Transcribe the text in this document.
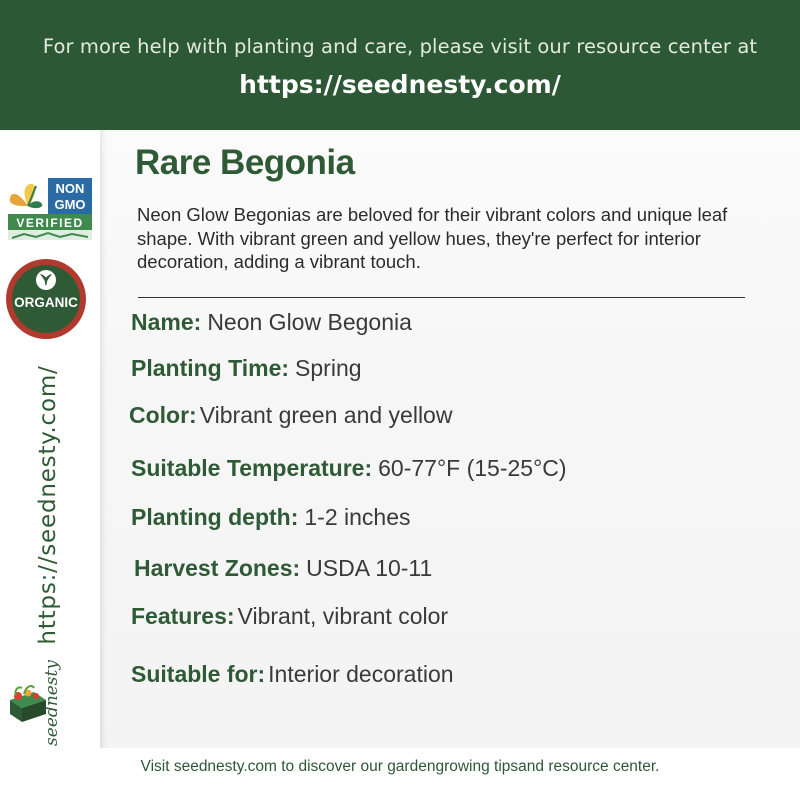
For more help with planting and care, please visit our resource center at
https://seednesty.com/
NON
GMO
VERIFIED
ORGANIC
https://seednesty.com/
seednesty
Rare Begonia
Neon Glow Begonias are beloved for their vibrant colors and unique leaf shape. With vibrant green and yellow hues, they're perfect for interior decoration, adding a vibrant touch.
Name: Neon Glow Begonia
Planting Time: Spring
Color: Vibrant green and yellow
Suitable Temperature: 60-77°F (15-25°C)
Planting depth: 1-2 inches
Harvest Zones: USDA 10-11
Features: Vibrant, vibrant color
Suitable for: Interior decoration
Visit seednesty.com to discover our gardengrowing tipsand resource center.
